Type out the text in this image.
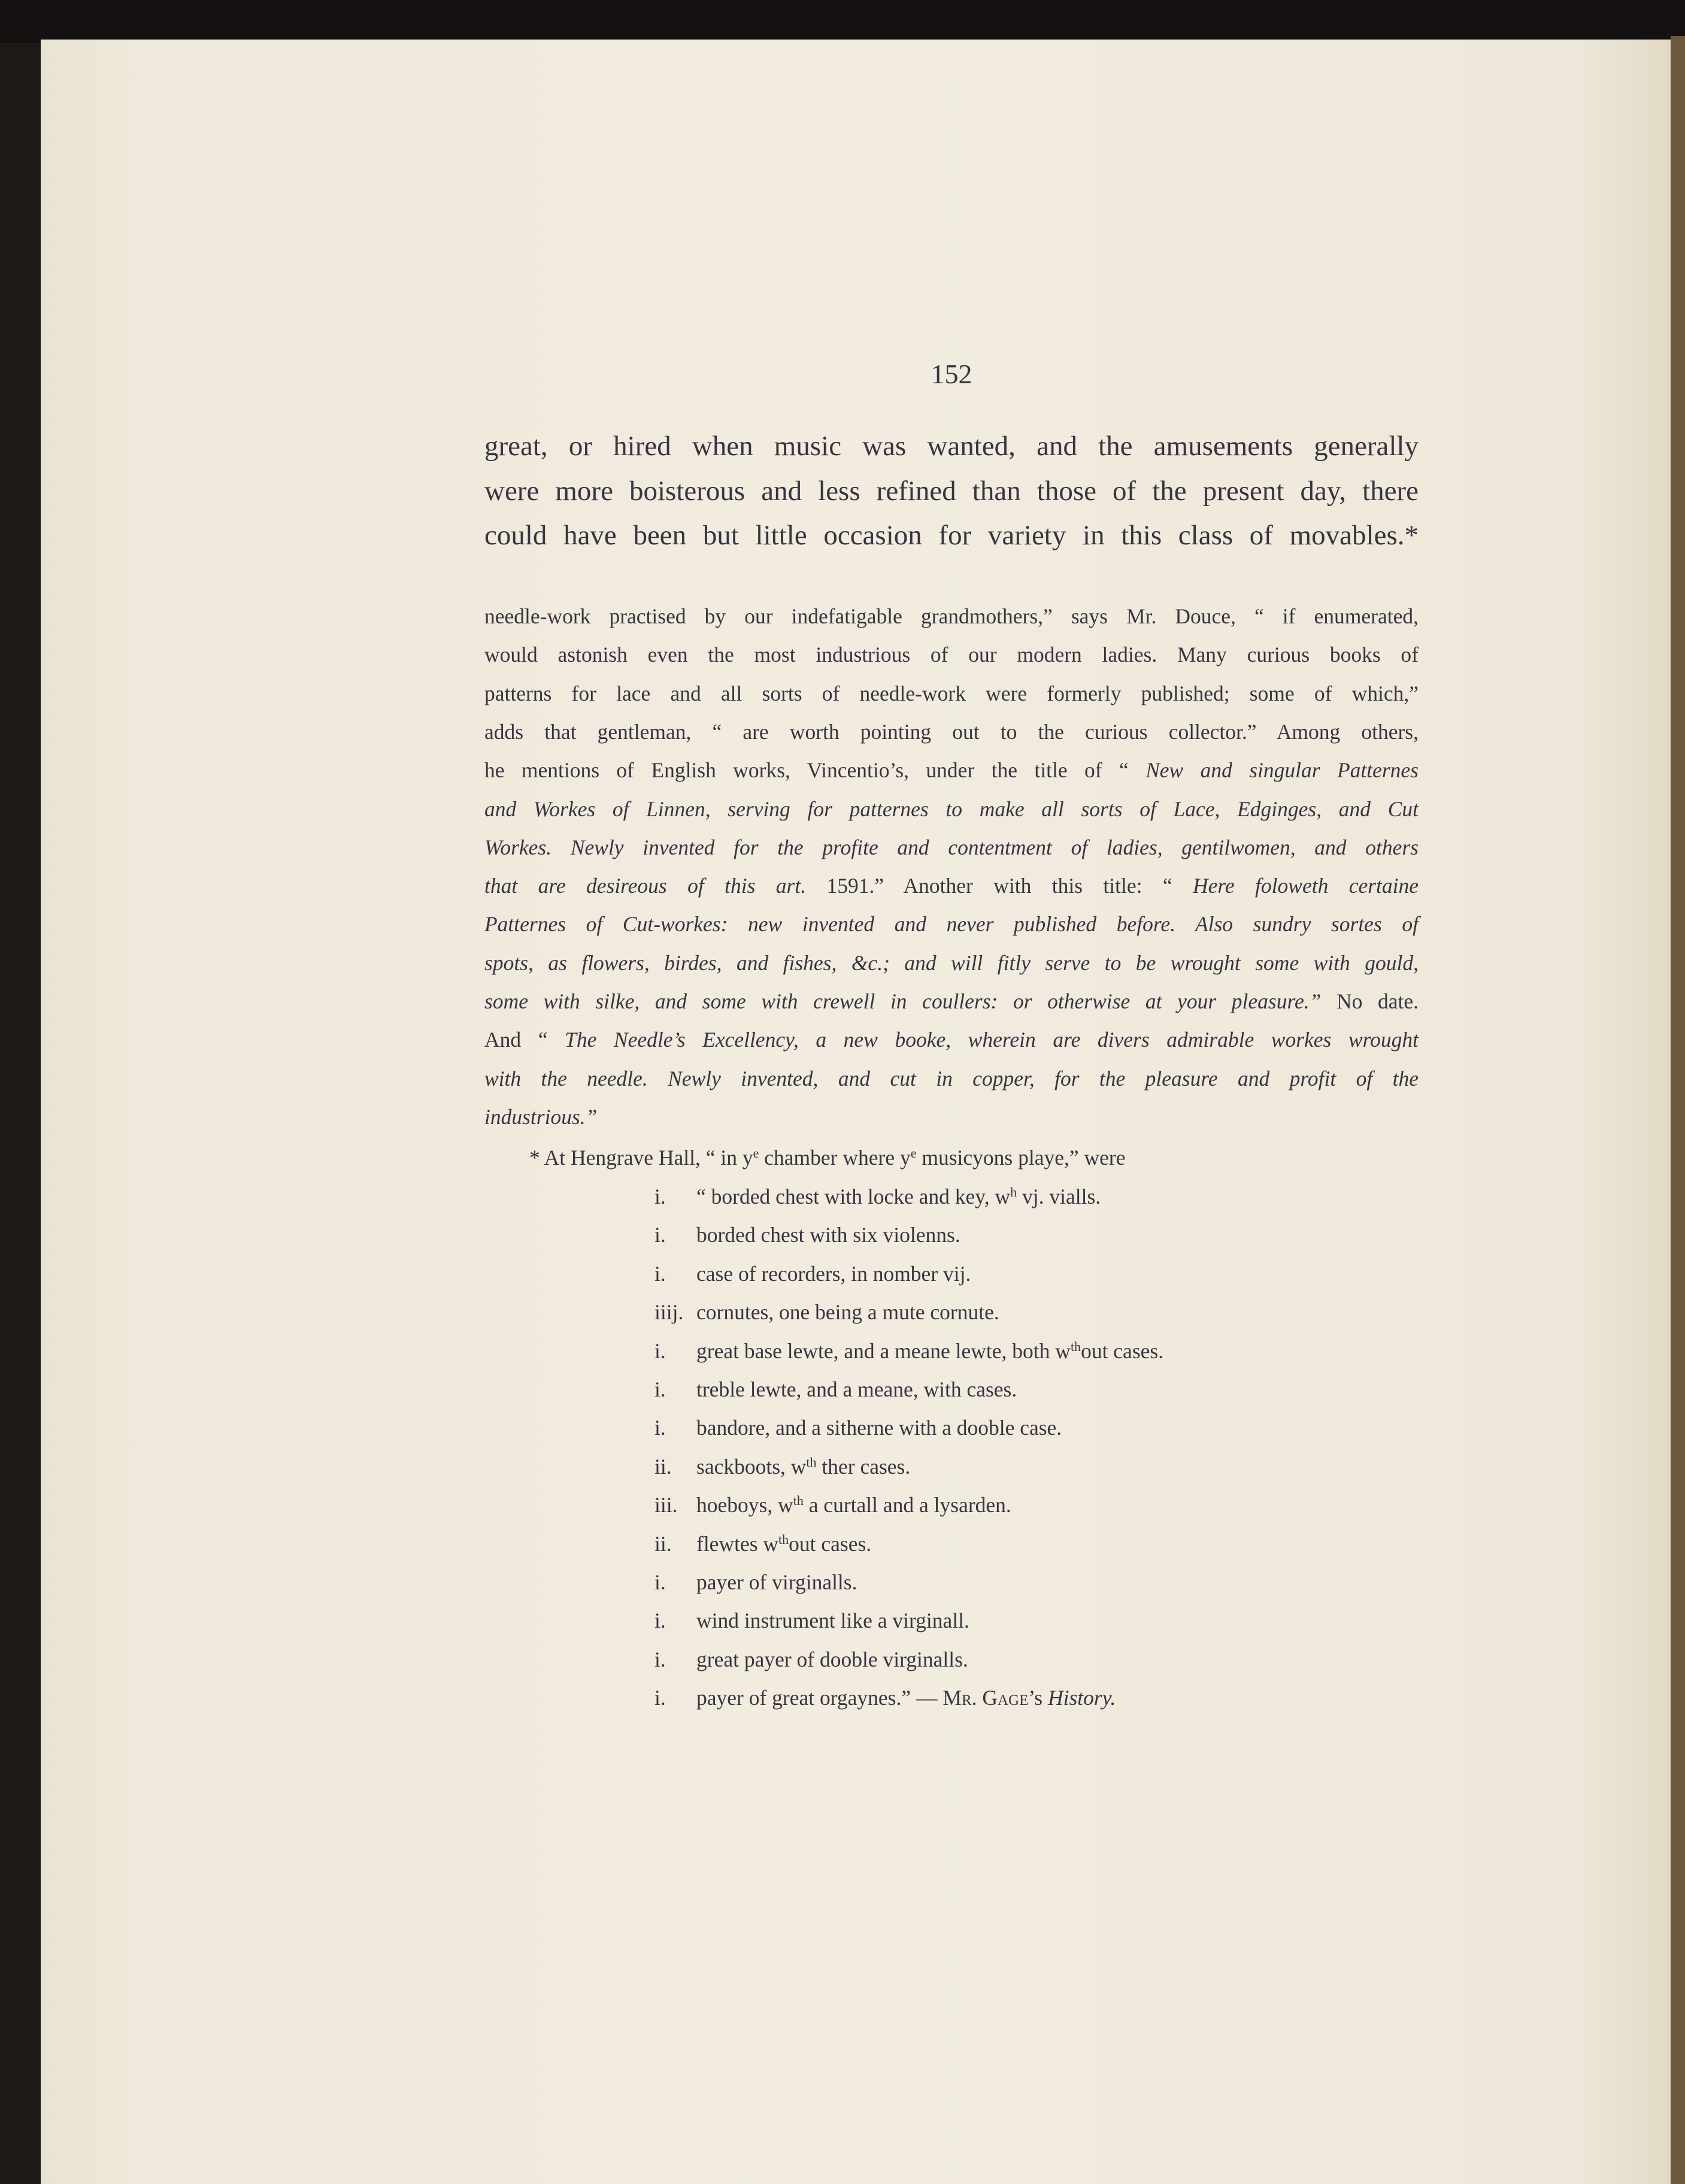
152
great, or hired when music was wanted, and the amusements generally
were more boisterous and less refined than those of the present day, there
could have been but little occasion for variety in this class of movables.*
needle-work practised by our indefatigable grandmothers,” says Mr. Douce, “ if enumerated,
would astonish even the most industrious of our modern ladies. Many curious books of
patterns for lace and all sorts of needle-work were formerly published; some of which,”
adds that gentleman, “ are worth pointing out to the curious collector.” Among others,
he mentions of English works, Vincentio’s, under the title of “ New and singular Patternes
and Workes of Linnen, serving for patternes to make all sorts of Lace, Edginges, and Cut
Workes. Newly invented for the profite and contentment of ladies, gentilwomen, and others
that are desireous of this art. 1591.” Another with this title: “ Here foloweth certaine
Patternes of Cut-workes: new invented and never published before. Also sundry sortes of
spots, as flowers, birdes, and fishes, &c.; and will fitly serve to be wrought some with gould,
some with silke, and some with crewell in coullers: or otherwise at your pleasure.” No date.
And “ The Needle’s Excellency, a new booke, wherein are divers admirable workes wrought
with the needle. Newly invented, and cut in copper, for the pleasure and profit of the
industrious.”
* At Hengrave Hall, “ in $y^e$ chamber where $y^e$ musicyons playe,” were
i. “ borded chest with locke and key, $w^h$ vj. vialls.
i. borded chest with six violenns.
i. case of recorders, in nomber vij.
iiij. cornutes, one being a mute cornute.
i. great base lewte, and a meane lewte, both $w^{th}out$ cases.
i. treble lewte, and a meane, with cases.
i. bandore, and a sitherne with a dooble case.
ii. sackboots, $w^{th}$ ther cases.
iii. hoeboys, $w^{th}$ a curtall and a lysarden.
ii. flewtes $w^{th}out$ cases.
i. payer of virginalls.
i. wind instrument like a virginall.
i. great payer of dooble virginalls.
i. payer of great orgaynes.” — Mr. Gage’s History.
